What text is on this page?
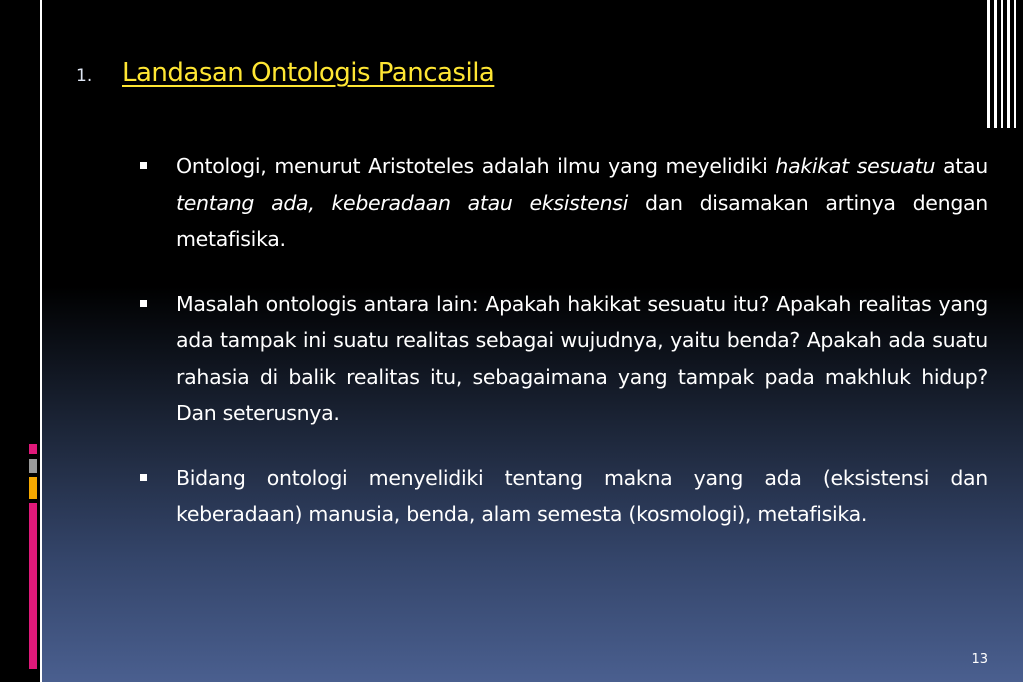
1. Landasan Ontologis Pancasila
Ontologi, menurut Aristoteles adalah ilmu yang meyelidiki hakikat sesuatu atau tentang ada, keberadaan atau eksistensi dan disamakan artinya dengan metafisika.
Masalah ontologis antara lain: Apakah hakikat sesuatu itu? Apakah realitas yang ada tampak ini suatu realitas sebagai wujudnya, yaitu benda? Apakah ada suatu rahasia di balik realitas itu, sebagaimana yang tampak pada makhluk hidup? Dan seterusnya.
Bidang ontologi menyelidiki tentang makna yang ada (eksistensi dan keberadaan) manusia, benda, alam semesta (kosmologi), metafisika.
13
